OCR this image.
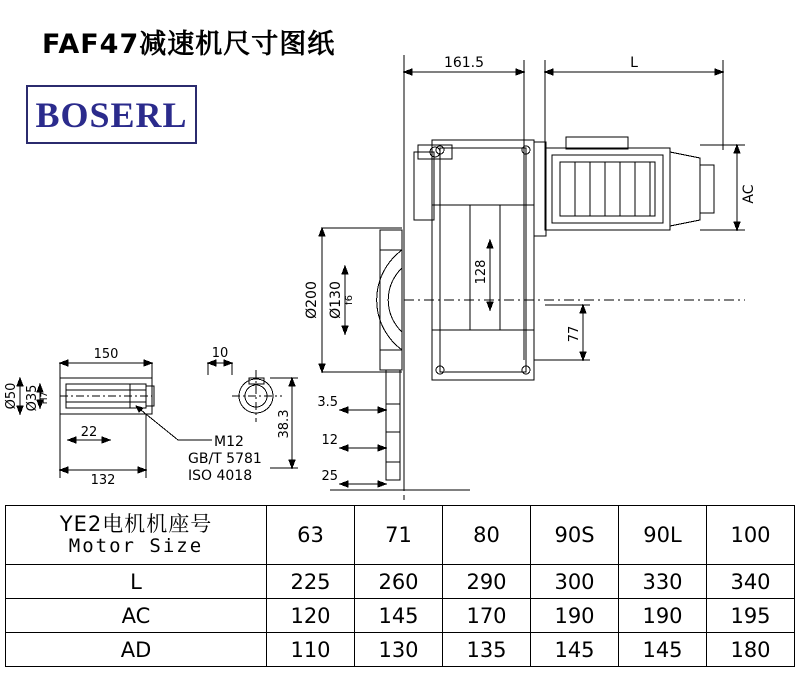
FAF47减速机尺寸图纸
BOSERL
161.5	L
AC
Ø200 Ø130 f6
128
77
3.5
12
25
150
Ø50 Ø35 H7
22
132
10
38.3
M12
GB/T 5781
ISO 4018
YE2电机机座号
Motor Size	63	71	80	90S	90L	100
L	225	260	290	300	330	340
AC	120	145	170	190	190	195
AD	110	130	135	145	145	180
